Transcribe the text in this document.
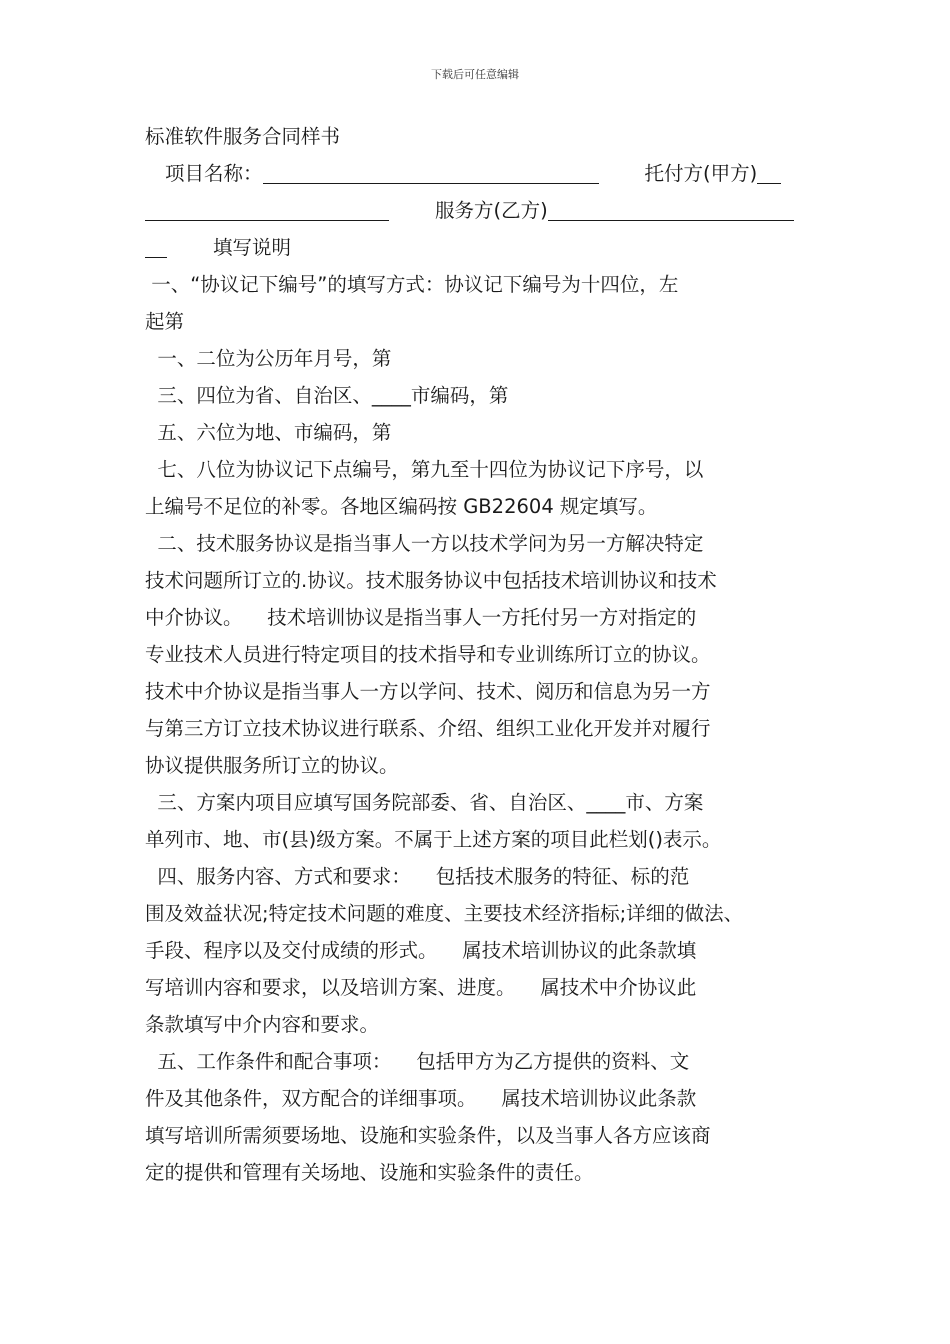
下载后可任意编辑
标准软件服务合同样书
项目名称：	托付方(甲方)
服务方(乙方)
填写说明
一、“协议记下编号”的填写方式：协议记下编号为十四位，左
起第
一、二位为公历年月号，第
三、四位为省、自治区、____市编码，第
五、六位为地、市编码，第
七、八位为协议记下点编号，第九至十四位为协议记下序号，以
上编号不足位的补零。各地区编码按 GB22604 规定填写。
二、技术服务协议是指当事人一方以技术学问为另一方解决特定
技术问题所订立的.协议。技术服务协议中包括技术培训协议和技术
中介协议。    技术培训协议是指当事人一方托付另一方对指定的
专业技术人员进行特定项目的技术指导和专业训练所订立的协议。
技术中介协议是指当事人一方以学问、技术、阅历和信息为另一方
与第三方订立技术协议进行联系、介绍、组织工业化开发并对履行
协议提供服务所订立的协议。
三、方案内项目应填写国务院部委、省、自治区、____市、方案
单列市、地、市(县)级方案。不属于上述方案的项目此栏划()表示。
四、服务内容、方式和要求：    包括技术服务的特征、标的范
围及效益状况;特定技术问题的难度、主要技术经济指标;详细的做法、
手段、程序以及交付成绩的形式。    属技术培训协议的此条款填
写培训内容和要求，以及培训方案、进度。    属技术中介协议此
条款填写中介内容和要求。
五、工作条件和配合事项：    包括甲方为乙方提供的资料、文
件及其他条件，双方配合的详细事项。    属技术培训协议此条款
填写培训所需须要场地、设施和实验条件，以及当事人各方应该商
定的提供和管理有关场地、设施和实验条件的责任。
